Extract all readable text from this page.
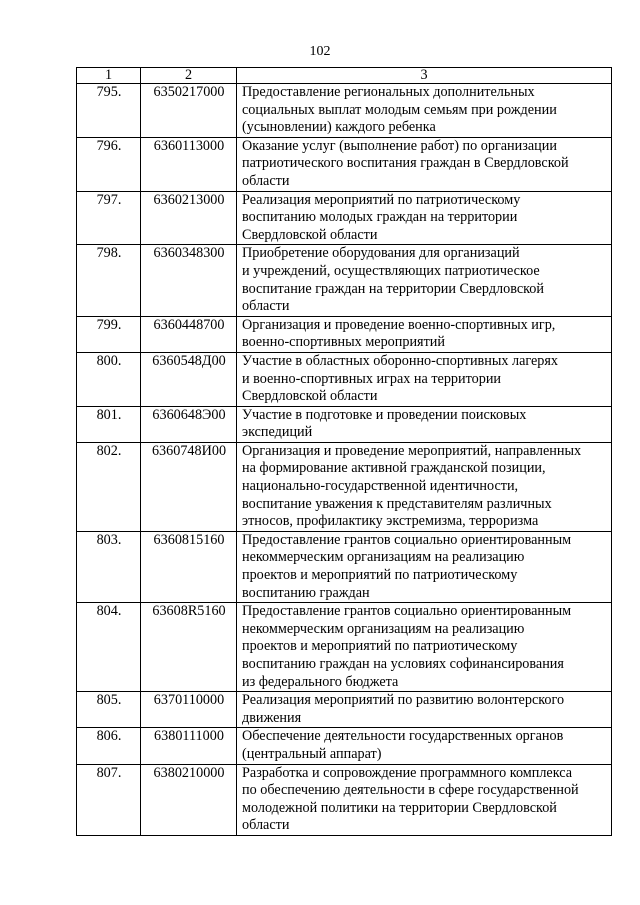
102
1	2	3
795.	6350217000	Предоставление региональных дополнительных
социальных выплат молодым семьям при рождении
(усыновлении) каждого ребенка

796.	6360113000	Оказание услуг (выполнение работ) по организации
патриотического воспитания граждан в Свердловской
области

797.	6360213000	Реализация мероприятий по патриотическому
воспитанию молодых граждан на территории
Свердловской области

798.	6360348300	Приобретение оборудования для организаций
и учреждений, осуществляющих патриотическое
воспитание граждан на территории Свердловской
области

799.	6360448700	Организация и проведение военно-спортивных игр,
военно-спортивных мероприятий

800.	6360548Д00	Участие в областных оборонно-спортивных лагерях
и военно-спортивных играх на территории
Свердловской области

801.	6360648Э00	Участие в подготовке и проведении поисковых
экспедиций

802.	6360748И00	Организация и проведение мероприятий, направленных
на формирование активной гражданской позиции,
национально-государственной идентичности,
воспитание уважения к представителям различных
этносов, профилактику экстремизма, терроризма

803.	6360815160	Предоставление грантов социально ориентированным
некоммерческим организациям на реализацию
проектов и мероприятий по патриотическому
воспитанию граждан

804.	63608R5160	Предоставление грантов социально ориентированным
некоммерческим организациям на реализацию
проектов и мероприятий по патриотическому
воспитанию граждан на условиях софинансирования
из федерального бюджета

805.	6370110000	Реализация мероприятий по развитию волонтерского
движения

806.	6380111000	Обеспечение деятельности государственных органов
(центральный аппарат)

807.	6380210000	Разработка и сопровождение программного комплекса
по обеспечению деятельности в сфере государственной
молодежной политики на территории Свердловской
области
